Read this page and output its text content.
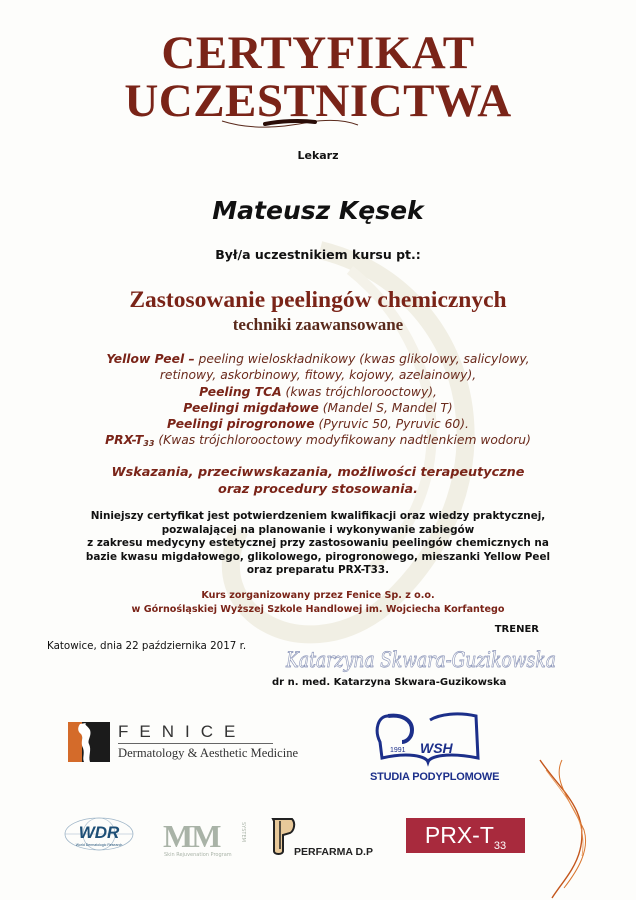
CERTYFIKAT
UCZESTNICTWA
Lekarz
Mateusz Kęsek
Był/a uczestnikiem kursu pt.:
Zastosowanie peelingów chemicznych
techniki zaawansowane
Yellow Peel – peeling wieloskładnikowy (kwas glikolowy, salicylowy, retinowy, askorbinowy, fitowy, kojowy, azelainowy),
Peeling TCA (kwas trójchlorooctowy),
Peelingi migdałowe (Mandel S, Mandel T)
Peelingi pirogronowe (Pyruvic 50, Pyruvic 60).
PRX-$T_{33}$ (Kwas trójchlorooctowy modyfikowany nadtlenkiem wodoru)
Wskazania, przeciwwskazania, możliwości terapeutyczne oraz procedury stosowania.
Niniejszy certyfikat jest potwierdzeniem kwalifikacji oraz wiedzy praktycznej,
pozwalającej na planowanie i wykonywanie zabiegów
z zakresu medycyny estetycznej przy zastosowaniu peelingów chemicznych na
bazie kwasu migdałowego, glikolowego, pirogronowego, mieszanki Yellow Peel
oraz preparatu PRX-T33.
Kurs zorganizowany przez Fenice Sp. z o.o.
w Górnośląskiej Wyższej Szkole Handlowej im. Wojciecha Korfantego
TRENER
Katowice, dnia 22 października 2017 r.
Katarzyna Skwara-Guzikowska
dr n. med. Katarzyna Skwara-Guzikowska
FENICE
Dermatology & Aesthetic Medicine	1991 WSH
STUDIA PODYPLOMOWE
WDR
World Dermatologic Research MM	SYSTEM
Skin Rejuvenation Program	PERFARMA D.P
PRX-$T_{33}$
